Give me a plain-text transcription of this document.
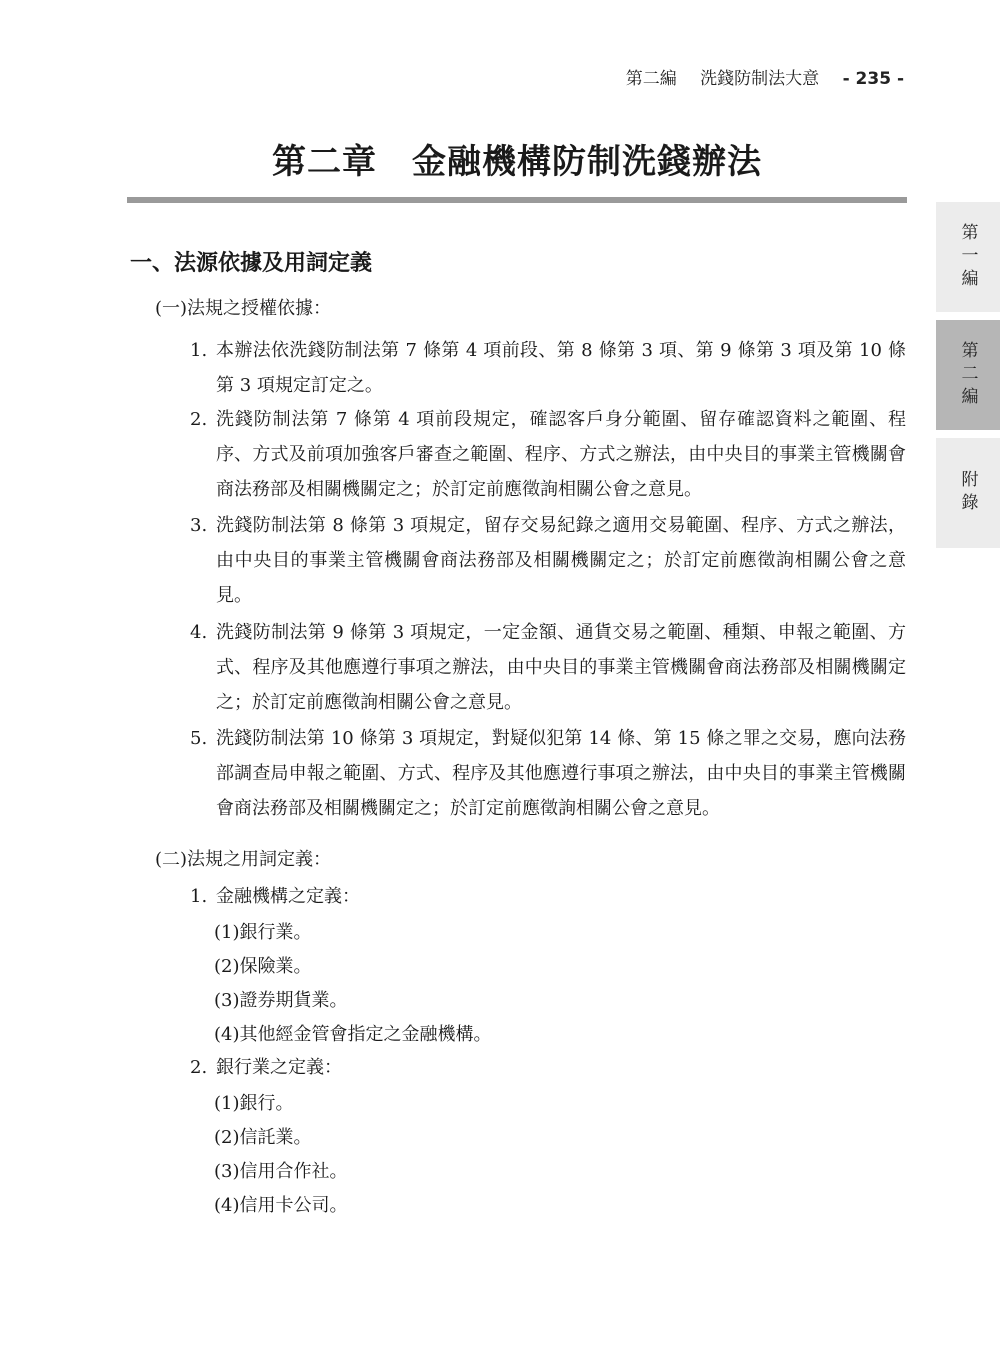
第二編 洗錢防制法大意 - 235 -
第二章　金融機構防制洗錢辦法
第一編
第二編
附錄
一、法源依據及用詞定義
(一)法規之授權依據：
1. 本辦法依洗錢防制法第 7 條第 4 項前段、第 8 條第 3 項、第 9 條第 3 項及第 10 條第 3 項規定訂定之。
2. 洗錢防制法第 7 條第 4 項前段規定，確認客戶身分範圍、留存確認資料之範圍、程序、方式及前項加強客戶審查之範圍、程序、方式之辦法，由中央目的事業主管機關會商法務部及相關機關定之；於訂定前應徵詢相關公會之意見。
3. 洗錢防制法第 8 條第 3 項規定，留存交易紀錄之適用交易範圍、程序、方式之辦法，由中央目的事業主管機關會商法務部及相關機關定之；於訂定前應徵詢相關公會之意見。
4. 洗錢防制法第 9 條第 3 項規定，一定金額、通貨交易之範圍、種類、申報之範圍、方式、程序及其他應遵行事項之辦法，由中央目的事業主管機關會商法務部及相關機關定之；於訂定前應徵詢相關公會之意見。
5. 洗錢防制法第 10 條第 3 項規定，對疑似犯第 14 條、第 15 條之罪之交易，應向法務部調查局申報之範圍、方式、程序及其他應遵行事項之辦法，由中央目的事業主管機關會商法務部及相關機關定之；於訂定前應徵詢相關公會之意見。
(二)法規之用詞定義：
1. 金融機構之定義：
(1)銀行業。
(2)保險業。
(3)證券期貨業。
(4)其他經金管會指定之金融機構。
2. 銀行業之定義：
(1)銀行。
(2)信託業。
(3)信用合作社。
(4)信用卡公司。
